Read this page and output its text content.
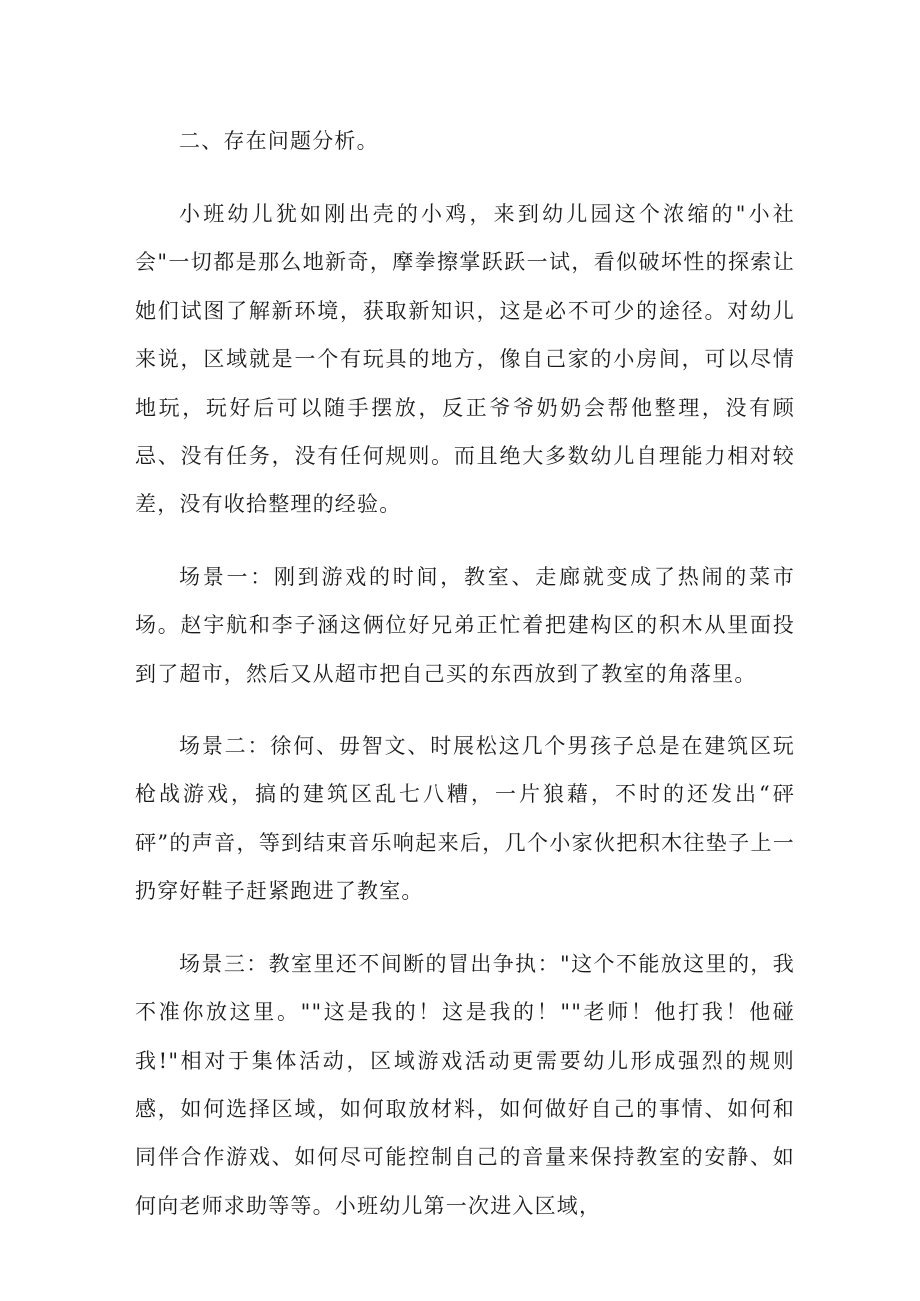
二、存在问题分析。

小班幼儿犹如刚出壳的小鸡，来到幼儿园这个浓缩的"小社会"一切都是那么地新奇，摩拳擦掌跃跃一试，看似破坏性的探索让她们试图了解新环境，获取新知识，这是必不可少的途径。对幼儿来说，区域就是一个有玩具的地方，像自己家的小房间，可以尽情地玩，玩好后可以随手摆放，反正爷爷奶奶会帮他整理，没有顾忌、没有任务，没有任何规则。而且绝大多数幼儿自理能力相对较差，没有收拾整理的经验。

场景一：刚到游戏的时间，教室、走廊就变成了热闹的菜市场。赵宇航和李子涵这俩位好兄弟正忙着把建构区的积木从里面投到了超市，然后又从超市把自己买的东西放到了教室的角落里。

场景二：徐何、毋智文、时展松这几个男孩子总是在建筑区玩枪战游戏，搞的建筑区乱七八糟，一片狼藉，不时的还发出“砰砰”的声音，等到结束音乐响起来后，几个小家伙把积木往垫子上一扔穿好鞋子赶紧跑进了教室。

场景三：教室里还不间断的冒出争执："这个不能放这里的，我不准你放这里。""这是我的！这是我的！""老师！他打我！他碰我!"相对于集体活动，区域游戏活动更需要幼儿形成强烈的规则感，如何选择区域，如何取放材料，如何做好自己的事情、如何和同伴合作游戏、如何尽可能控制自己的音量来保持教室的安静、如何向老师求助等等。小班幼儿第一次进入区域，
